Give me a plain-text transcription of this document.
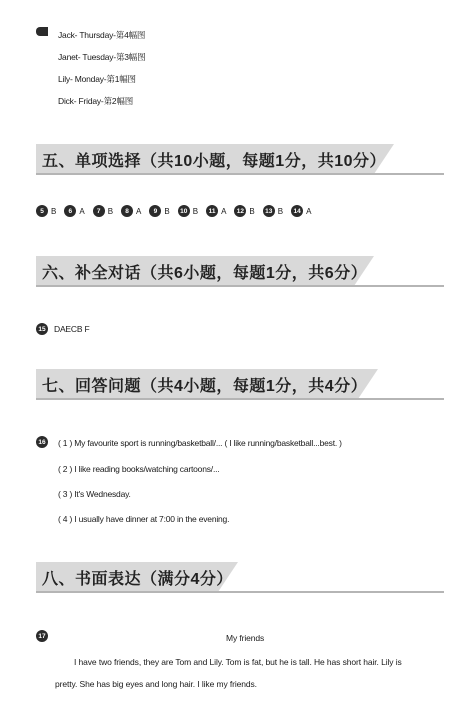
Jack- Thursday-第4幅图
Janet- Tuesday-第3幅图
Lily- Monday-第1幅图
Dick- Friday-第2幅图
五、单项选择（共10小题，每题1分，共10分）
5 B	6 A	7 B	8 A	9 B	10 B	11 A	12 B	13 B	14 A
六、补全对话（共6小题，每题1分，共6分）
15 DAECB F
七、回答问题（共4小题，每题1分，共4分）
16 ( 1 ) My favourite sport is running/basketball/... ( I like running/basketball...best. )
( 2 ) I like reading books/watching cartoons/...
( 3 ) It's Wednesday.
( 4 ) I usually have dinner at 7:00 in the evening.
八、书面表达（满分4分）
17	My friends
I have two friends, they are Tom and Lily. Tom is fat, but he is tall. He has short hair. Lily is
pretty. She has big eyes and long hair. I like my friends.
